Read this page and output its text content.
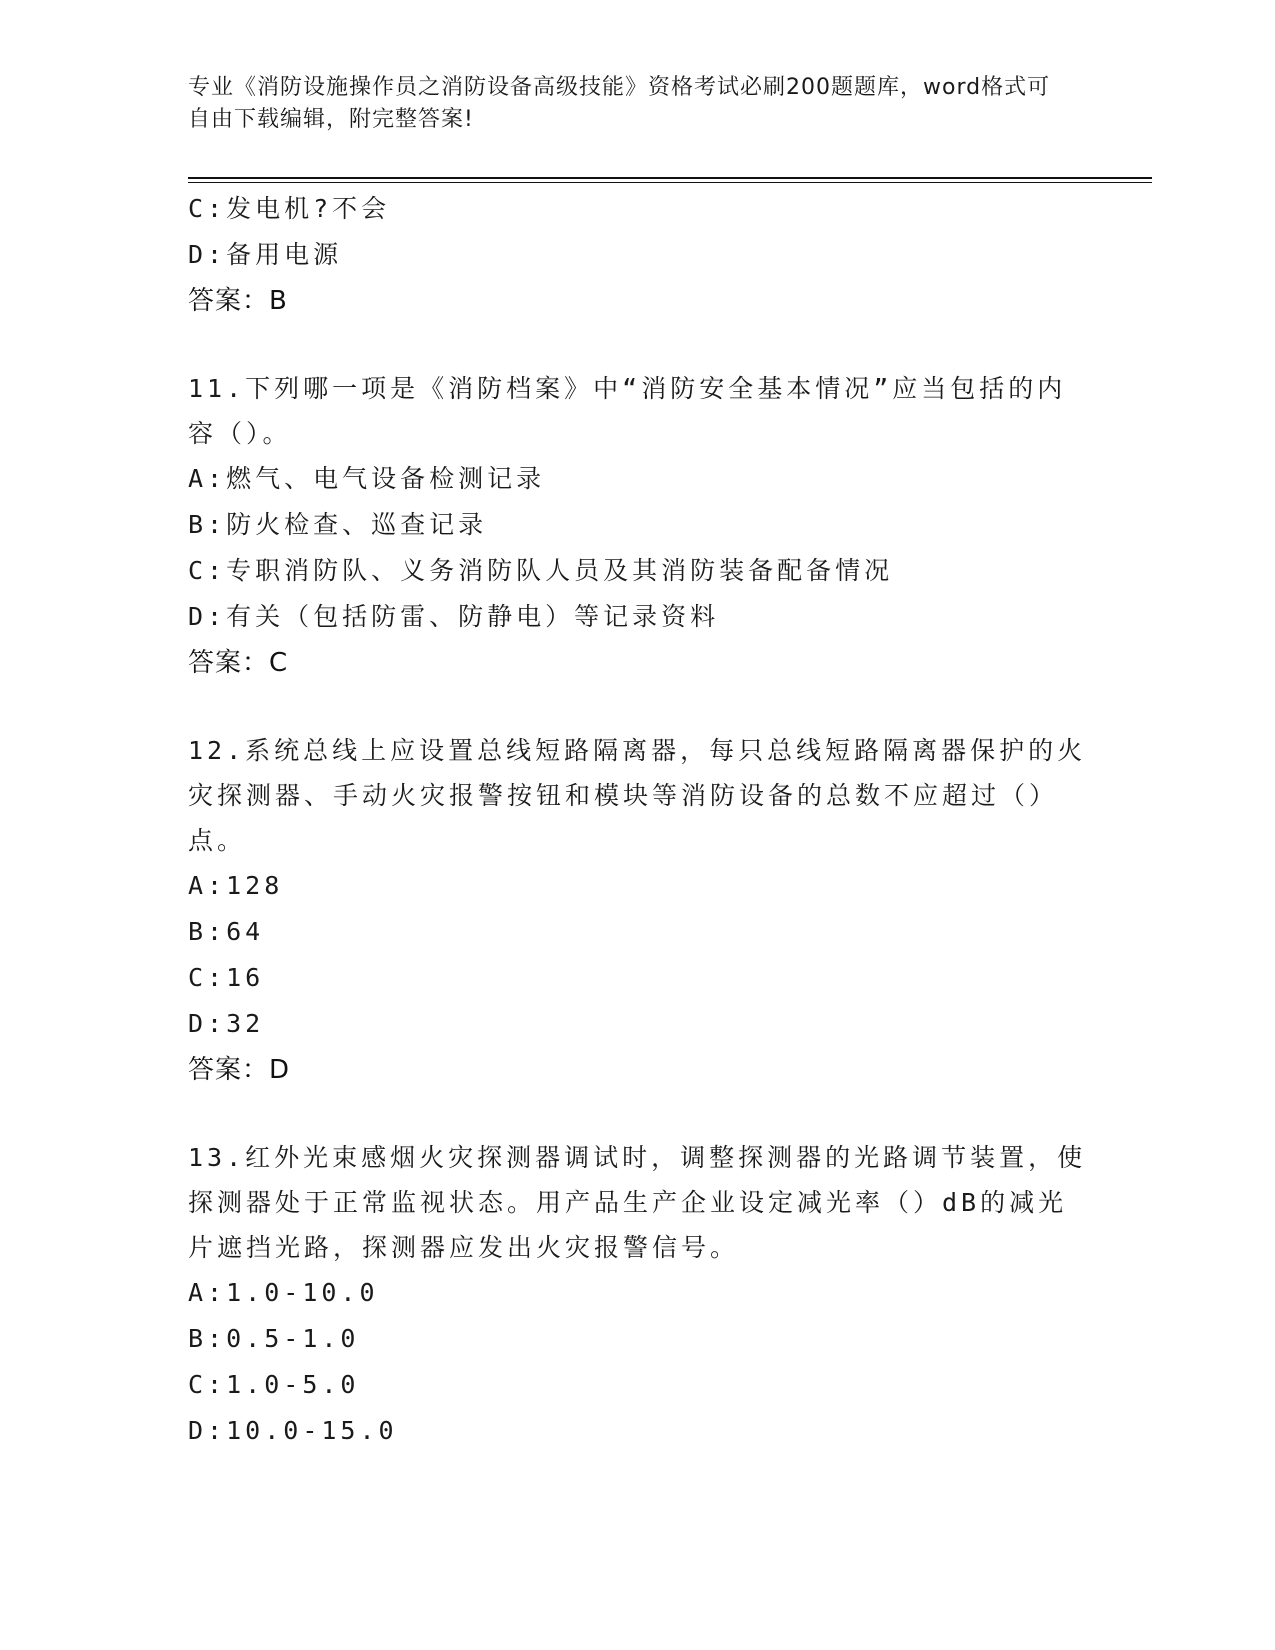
专业《消防设施操作员之消防设备高级技能》资格考试必刷200题题库，word格式可自由下载编辑，附完整答案!
C:发电机?不会
D:备用电源
答案：B
11.下列哪一项是《消防档案》中“消防安全基本情况”应当包括的内容（）。
A:燃气、电气设备检测记录
B:防火检查、巡查记录
C:专职消防队、义务消防队人员及其消防装备配备情况
D:有关（包括防雷、防静电）等记录资料
答案：C
12.系统总线上应设置总线短路隔离器，每只总线短路隔离器保护的火灾探测器、手动火灾报警按钮和模块等消防设备的总数不应超过（）点。
A:128
B:64
C:16
D:32
答案：D
13.红外光束感烟火灾探测器调试时，调整探测器的光路调节装置，使探测器处于正常监视状态。用产品生产企业设定减光率（）dB的减光片遮挡光路，探测器应发出火灾报警信号。
A:1.0-10.0
B:0.5-1.0
C:1.0-5.0
D:10.0-15.0
